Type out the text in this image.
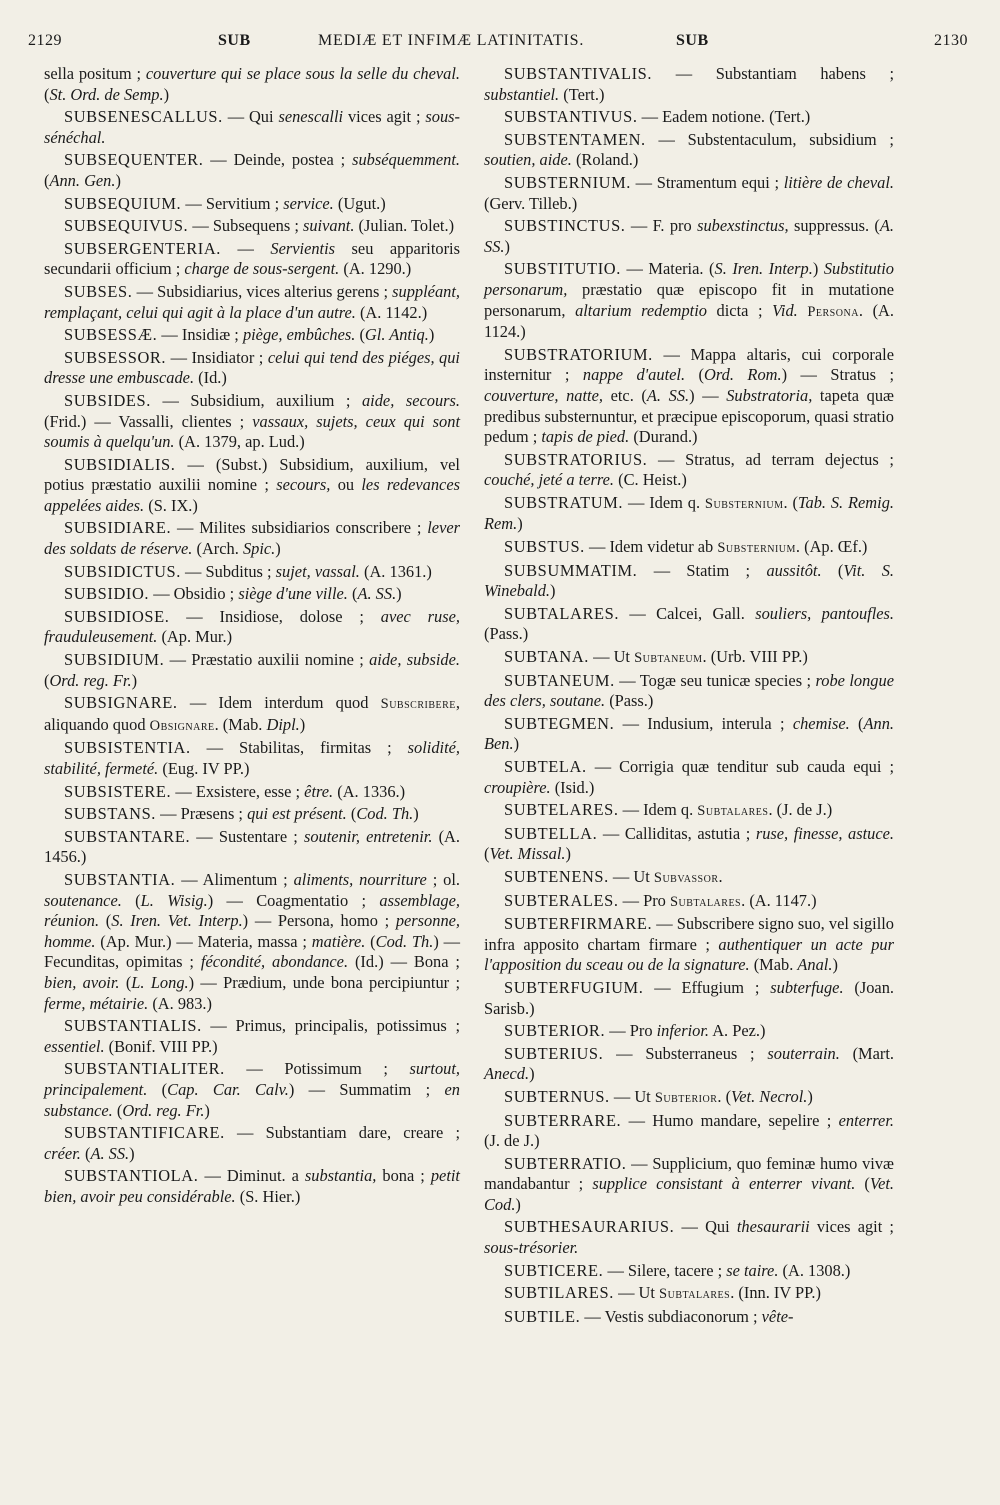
2129	SUB	MEDIÆ ET INFIMÆ LATINITATIS.	SUB	2130

sella positum ; couverture qui se place sous la selle du cheval. (St. Ord. de Semp.)

SUBSENESCALLUS. — Qui senescalli vices agit ; sous-sénéchal.

SUBSEQUENTER. — Deinde, postea ; subséquemment. (Ann. Gen.)

SUBSEQUIUM. — Servitium ; service. (Ugut.)

SUBSEQUIVUS. — Subsequens ; suivant. (Julian. Tolet.)

SUBSERGENTERIA. — Servientis seu apparitoris secundarii officium ; charge de sous-sergent. (A. 1290.)

SUBSES. — Subsidiarius, vices alterius gerens ; suppléant, remplaçant, celui qui agit à la place d'un autre. (A. 1142.)

SUBSESSÆ. — Insidiæ ; piège, embûches. (Gl. Antiq.)

SUBSESSOR. — Insidiator ; celui qui tend des piéges, qui dresse une embuscade. (Id.)

SUBSIDES. — Subsidium, auxilium ; aide, secours. (Frid.) — Vassalli, clientes ; vassaux, sujets, ceux qui sont soumis à quelqu'un. (A. 1379, ap. Lud.)

SUBSIDIALIS. — (Subst.) Subsidium, auxilium, vel potius præstatio auxilii nomine ; secours, ou les redevances appelées aides. (S. IX.)

SUBSIDIARE. — Milites subsidiarios conscribere ; lever des soldats de réserve. (Arch. Spic.)

SUBSIDICTUS. — Subditus ; sujet, vassal. (A. 1361.)

SUBSIDIO. — Obsidio ; siège d'une ville. (A. SS.)

SUBSIDIOSE. — Insidiose, dolose ; avec ruse, frauduleusement. (Ap. Mur.)

SUBSIDIUM. — Præstatio auxilii nomine ; aide, subside. (Ord. reg. Fr.)

SUBSIGNARE. — Idem interdum quod Subscribere, aliquando quod Obsignare. (Mab. Dipl.)

SUBSISTENTIA. — Stabilitas, firmitas ; solidité, stabilité, fermeté. (Eug. IV PP.)

SUBSISTERE. — Exsistere, esse ; être. (A. 1336.)

SUBSTANS. — Præsens ; qui est présent. (Cod. Th.)

SUBSTANTARE. — Sustentare ; soutenir, entretenir. (A. 1456.)

SUBSTANTIA. — Alimentum ; aliments, nourriture ; ol. soutenance. (L. Wisig.) — Coagmentatio ; assemblage, réunion. (S. Iren. Vet. Interp.) — Persona, homo ; personne, homme. (Ap. Mur.) — Materia, massa ; matière. (Cod. Th.) — Fecunditas, opimitas ; fécondité, abondance. (Id.) — Bona ; bien, avoir. (L. Long.) — Prædium, unde bona percipiuntur ; ferme, métairie. (A. 983.)

SUBSTANTIALIS. — Primus, principalis, potissimus ; essentiel. (Bonif. VIII PP.)

SUBSTANTIALITER. — Potissimum ; surtout, principalement. (Cap. Car. Calv.) — Summatim ; en substance. (Ord. reg. Fr.)

SUBSTANTIFICARE. — Substantiam dare, creare ; créer. (A. SS.)

SUBSTANTIOLA. — Diminut. a substantia, bona ; petit bien, avoir peu considérable. (S. Hier.)

SUBSTANTIVALIS. — Substantiam habens ; substantiel. (Tert.)

SUBSTANTIVUS. — Eadem notione. (Tert.)

SUBSTENTAMEN. — Substentaculum, subsidium ; soutien, aide. (Roland.)

SUBSTERNIUM. — Stramentum equi ; litière de cheval. (Gerv. Tilleb.)

SUBSTINCTUS. — F. pro subexstinctus, suppressus. (A. SS.)

SUBSTITUTIO. — Materia. (S. Iren. Interp.) Substitutio personarum, præstatio quæ episcopo fit in mutatione personarum, altarium redemptio dicta ; Vid. Persona. (A. 1124.)

SUBSTRATORIUM. — Mappa altaris, cui corporale insternitur ; nappe d'autel. (Ord. Rom.) — Stratus ; couverture, natte, etc. (A. SS.) — Substratoria, tapeta quæ predibus substernuntur, et præcipue episcoporum, quasi stratio pedum ; tapis de pied. (Durand.)

SUBSTRATORIUS. — Stratus, ad terram dejectus ; couché, jeté a terre. (C. Heist.)

SUBSTRATUM. — Idem q. Substernium. (Tab. S. Remig. Rem.)

SUBSTUS. — Idem videtur ab Substernium. (Ap. Œf.)

SUBSUMMATIM. — Statim ; aussitôt. (Vit. S. Winebald.)

SUBTALARES. — Calcei, Gall. souliers, pantoufles. (Pass.)

SUBTANA. — Ut Subtaneum. (Urb. VIII PP.)

SUBTANEUM. — Togæ seu tunicæ species ; robe longue des clers, soutane. (Pass.)

SUBTEGMEN. — Indusium, interula ; chemise. (Ann. Ben.)

SUBTELA. — Corrigia quæ tenditur sub cauda equi ; croupière. (Isid.)

SUBTELARES. — Idem q. Subtalares. (J. de J.)

SUBTELLA. — Calliditas, astutia ; ruse, finesse, astuce. (Vet. Missal.)

SUBTENENS. — Ut Subvassor.

SUBTERALES. — Pro Subtalares. (A. 1147.)

SUBTERFIRMARE. — Subscribere signo suo, vel sigillo infra apposito chartam firmare ; authentiquer un acte pur l'apposition du sceau ou de la signature. (Mab. Anal.)

SUBTERFUGIUM. — Effugium ; subterfuge. (Joan. Sarisb.)

SUBTERIOR. — Pro inferior. A. Pez.)

SUBTERIUS. — Substerraneus ; souterrain. (Mart. Anecd.)

SUBTERNUS. — Ut Subterior. (Vet. Necrol.)

SUBTERRARE. — Humo mandare, sepelire ; enterrer. (J. de J.)

SUBTERRATIO. — Supplicium, quo feminæ humo vivæ mandabantur ; supplice consistant à enterrer vivant. (Vet. Cod.)

SUBTHESAURARIUS. — Qui thesaurarii vices agit ; sous-trésorier.

SUBTICERE. — Silere, tacere ; se taire. (A. 1308.)

SUBTILARES. — Ut Subtalares. (Inn. IV PP.)

SUBTILE. — Vestis subdiaconorum ; vête-
